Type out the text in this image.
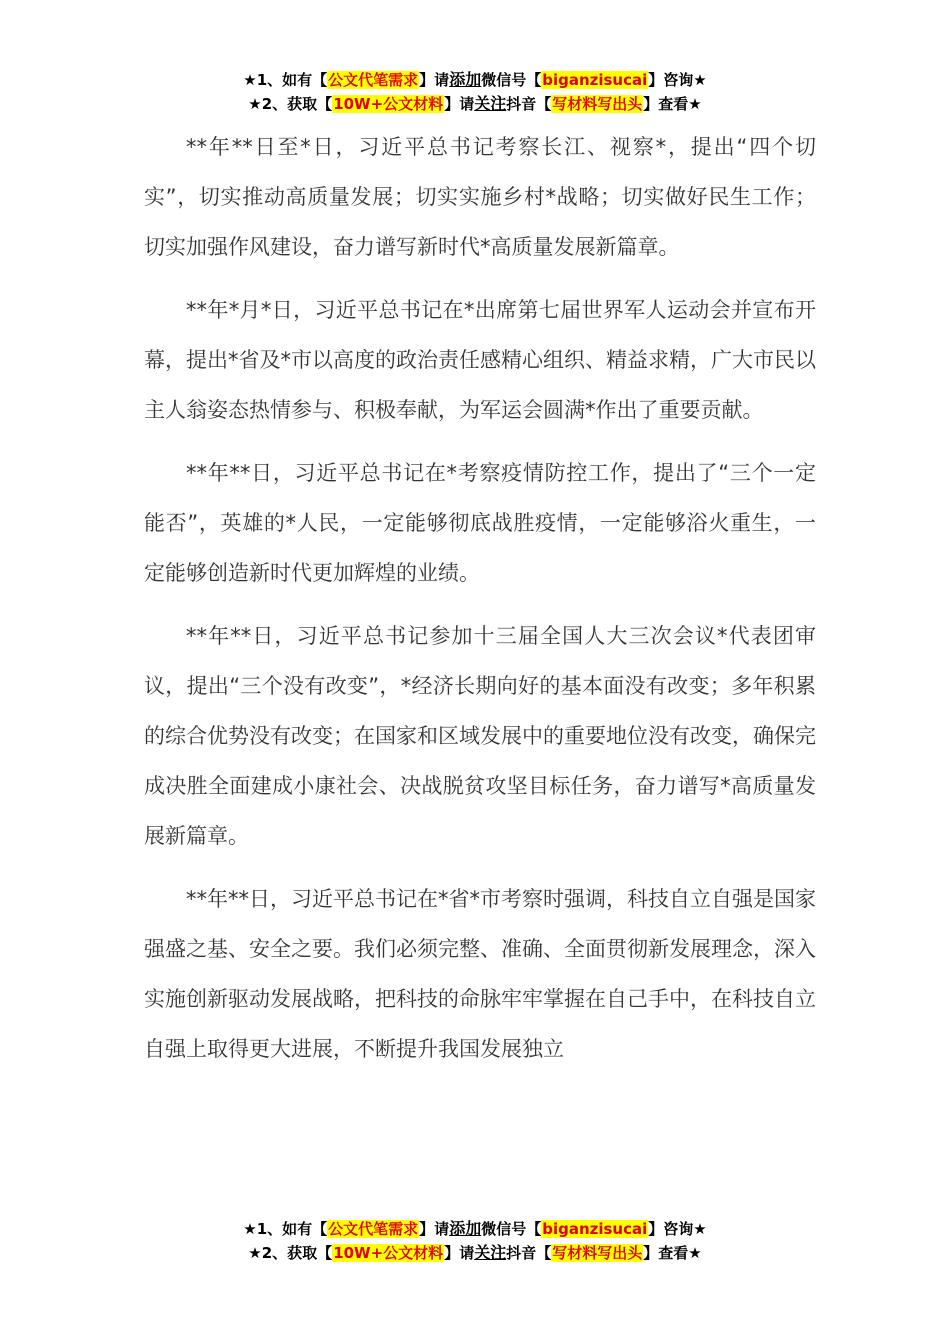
★1、如有【公文代笔需求】请添加微信号【biganzisucai】咨询★
★2、获取【10W+公文材料】请关注抖音【写材料写出头】查看★

**年**日至*日，习近平总书记考察长江、视察*，提出“四个切实”，切实推动高质量发展；切实实施乡村*战略；切实做好民生工作；切实加强作风建设，奋力谱写新时代*高质量发展新篇章。

**年*月*日，习近平总书记在*出席第七届世界军人运动会并宣布开幕，提出*省及*市以高度的政治责任感精心组织、精益求精，广大市民以主人翁姿态热情参与、积极奉献，为军运会圆满*作出了重要贡献。

**年**日，习近平总书记在*考察疫情防控工作，提出了“三个一定能否”，英雄的*人民，一定能够彻底战胜疫情，一定能够浴火重生，一定能够创造新时代更加辉煌的业绩。

**年**日，习近平总书记参加十三届全国人大三次会议*代表团审议，提出“三个没有改变”，*经济长期向好的基本面没有改变；多年积累的综合优势没有改变；在国家和区域发展中的重要地位没有改变，确保完成决胜全面建成小康社会、决战脱贫攻坚目标任务，奋力谱写*高质量发展新篇章。

**年**日，习近平总书记在*省*市考察时强调，科技自立自强是国家强盛之基、安全之要。我们必须完整、准确、全面贯彻新发展理念，深入实施创新驱动发展战略，把科技的命脉牢牢掌握在自己手中，在科技自立自强上取得更大进展，不断提升我国发展独立

★1、如有【公文代笔需求】请添加微信号【biganzisucai】咨询★
★2、获取【10W+公文材料】请关注抖音【写材料写出头】查看★
